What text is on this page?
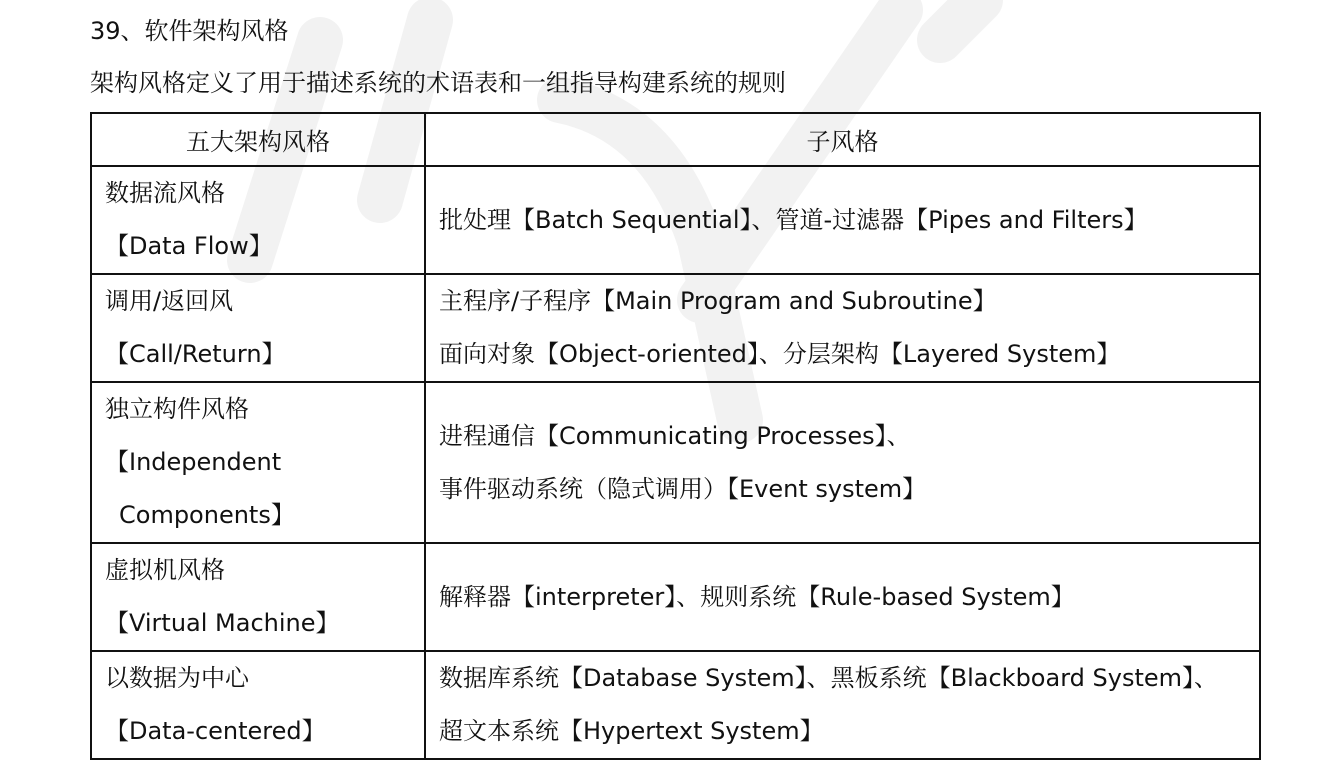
39、软件架构风格
架构风格定义了用于描述系统的术语表和一组指导构建系统的规则
五大架构风格	子风格

数据流风格
【Data Flow】	批处理【Batch Sequential】、管道-过滤器【Pipes and Filters】

调用/返回风
【Call/Return】	主程序/子程序【Main Program and Subroutine】
面向对象【Object-oriented】、分层架构【Layered System】

独立构件风格
【Independent
Components】	进程通信【Communicating Processes】、
事件驱动系统（隐式调用）【Event system】

虚拟机风格
【Virtual Machine】	解释器【interpreter】、规则系统【Rule-based System】

以数据为中心
【Data-centered】	数据库系统【Database System】、黑板系统【Blackboard System】、
超文本系统【Hypertext System】
